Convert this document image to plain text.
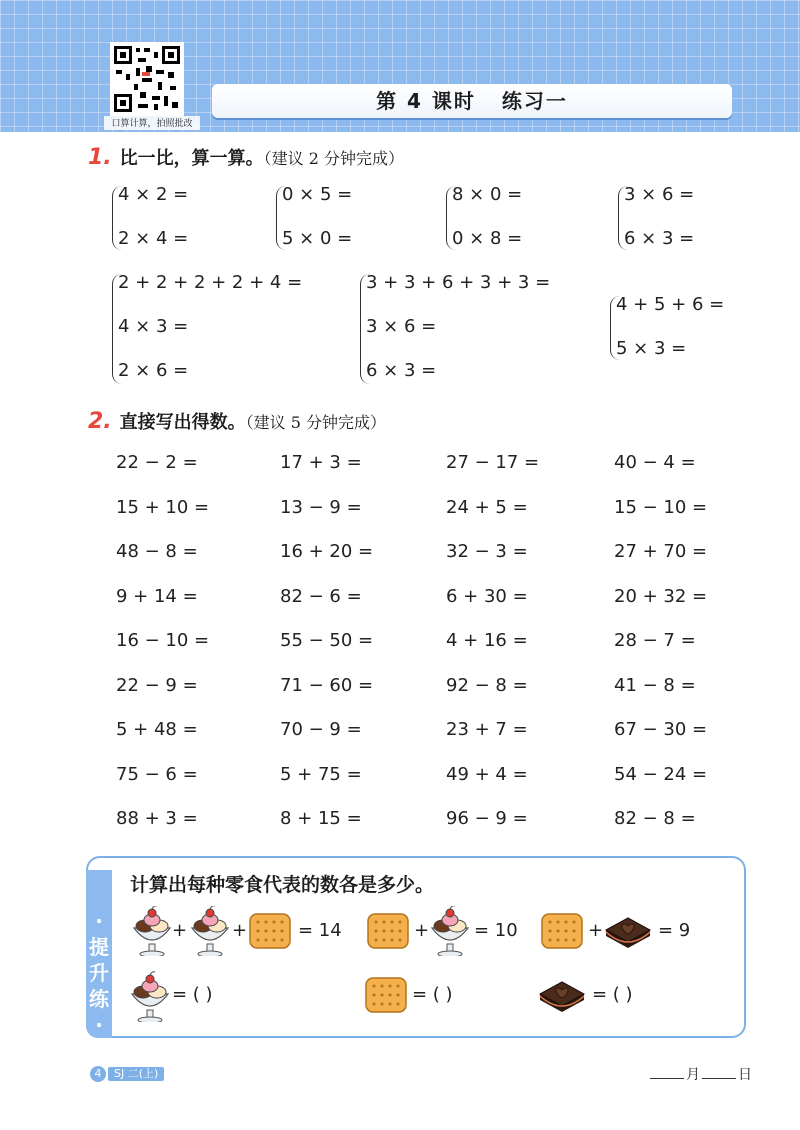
口算计算，拍照批改
第 4 课时 练习一
1. 比一比，算一算。（建议 2 分钟完成）
4 × 2 =
2 × 4 =
0 × 5 =
5 × 0 =
8 × 0 =
0 × 8 =
3 × 6 =
6 × 3 =
2 + 2 + 2 + 2 + 4 =
4 × 3 =
2 × 6 =
3 + 3 + 6 + 3 + 3 =
3 × 6 =
6 × 3 =
4 + 5 + 6 =
5 × 3 =
2. 直接写出得数。（建议 5 分钟完成）
22 − 2 =	17 + 3 =	27 − 17 =	40 − 4 =
15 + 10 =	13 − 9 =	24 + 5 =	15 − 10 =
48 − 8 =	16 + 20 =	32 − 3 =	27 + 70 =
9 + 14 =	82 − 6 =	6 + 30 =	20 + 32 =
16 − 10 =	55 − 50 =	4 + 16 =	28 − 7 =
22 − 9 =	71 − 60 =	92 − 8 =	41 − 8 =
5 + 48 =	70 − 9 =	23 + 7 =	67 − 30 =
75 − 6 =	5 + 75 =	49 + 4 =	54 − 24 =
88 + 3 =	8 + 15 =	96 − 9 =	82 − 8 =
·提升练·
计算出每种零食代表的数各是多少。
+ +	= 14	+ = 10	+	= 9
= ( )	= ( )	= ( )
4	SJ 二(上)	月	日
